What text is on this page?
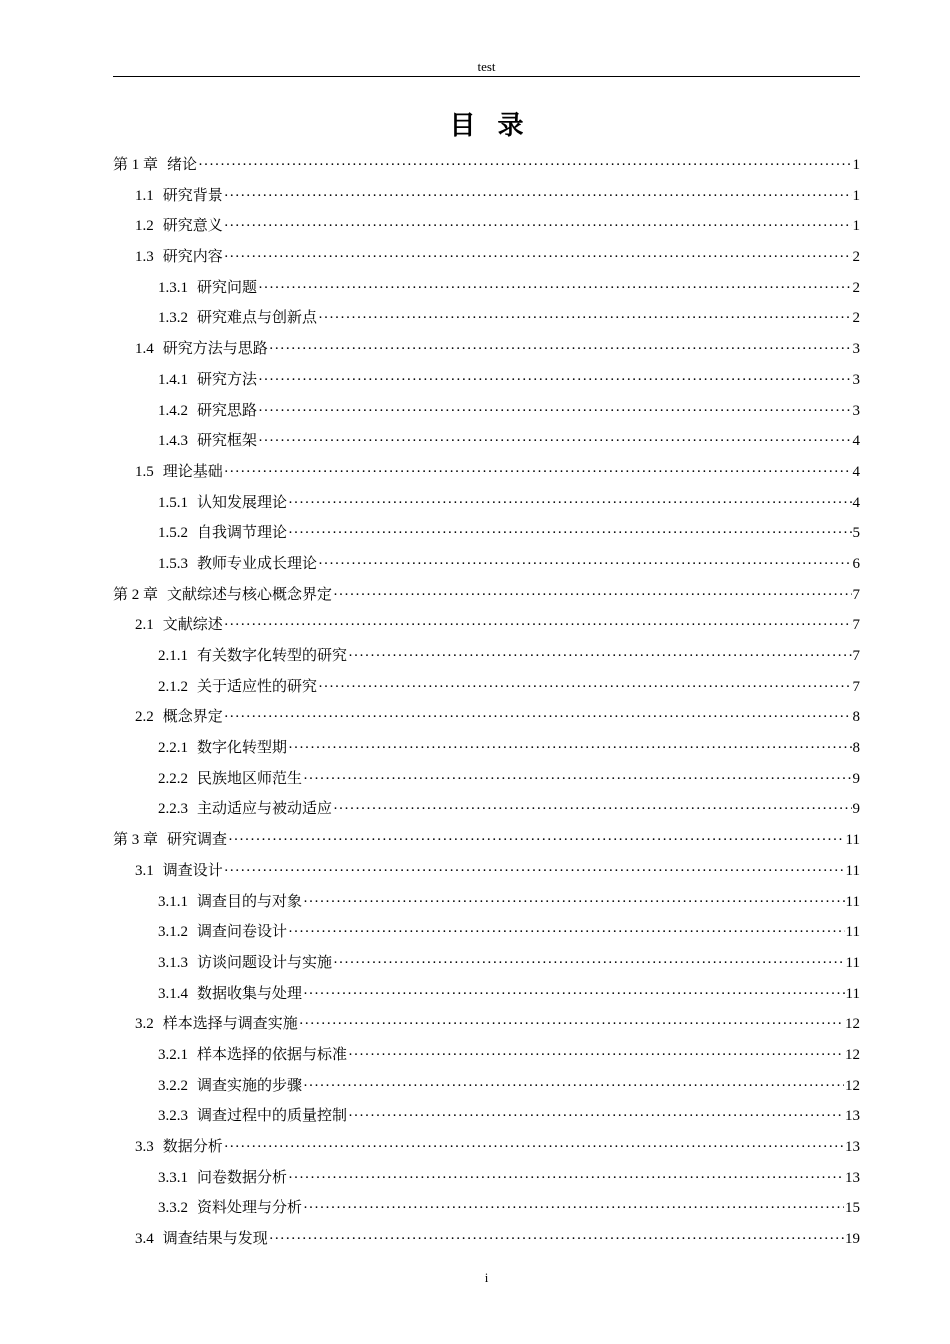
test
目录
第 1 章 绪论 ·····	1
1.1 研究背景 ·····	1
1.2 研究意义 ·····	1
1.3 研究内容 ·····	2
1.3.1 研究问题 ·····	2
1.3.2 研究难点与创新点 ·····	2
1.4 研究方法与思路 ·····	3
1.4.1 研究方法 ·····	3
1.4.2 研究思路 ·····	3
1.4.3 研究框架 ·····	4
1.5 理论基础 ·····	4
1.5.1 认知发展理论 ·····	4
1.5.2 自我调节理论 ·····	5
1.5.3 教师专业成长理论 ·····	6
第 2 章 文献综述与核心概念界定 ·····	7
2.1 文献综述 ·····	7
2.1.1 有关数字化转型的研究 ·····	7
2.1.2 关于适应性的研究 ·····	7
2.2 概念界定 ·····	8
2.2.1 数字化转型期 ·····	8
2.2.2 民族地区师范生 ·····	9
2.2.3 主动适应与被动适应 ·····	9
第 3 章 研究调查 ·····	11
3.1 调查设计 ·····	11
3.1.1 调查目的与对象 ·····	11
3.1.2 调查问卷设计 ·····	11
3.1.3 访谈问题设计与实施 ·····	11
3.1.4 数据收集与处理 ·····	11
3.2 样本选择与调查实施 ·····	12
3.2.1 样本选择的依据与标准 ·····	12
3.2.2 调查实施的步骤 ·····	12
3.2.3 调查过程中的质量控制 ·····	13
3.3 数据分析 ·····	13
3.3.1 问卷数据分析 ·····	13
3.3.2 资料处理与分析 ·····	15
3.4 调查结果与发现 ·····	19
i
